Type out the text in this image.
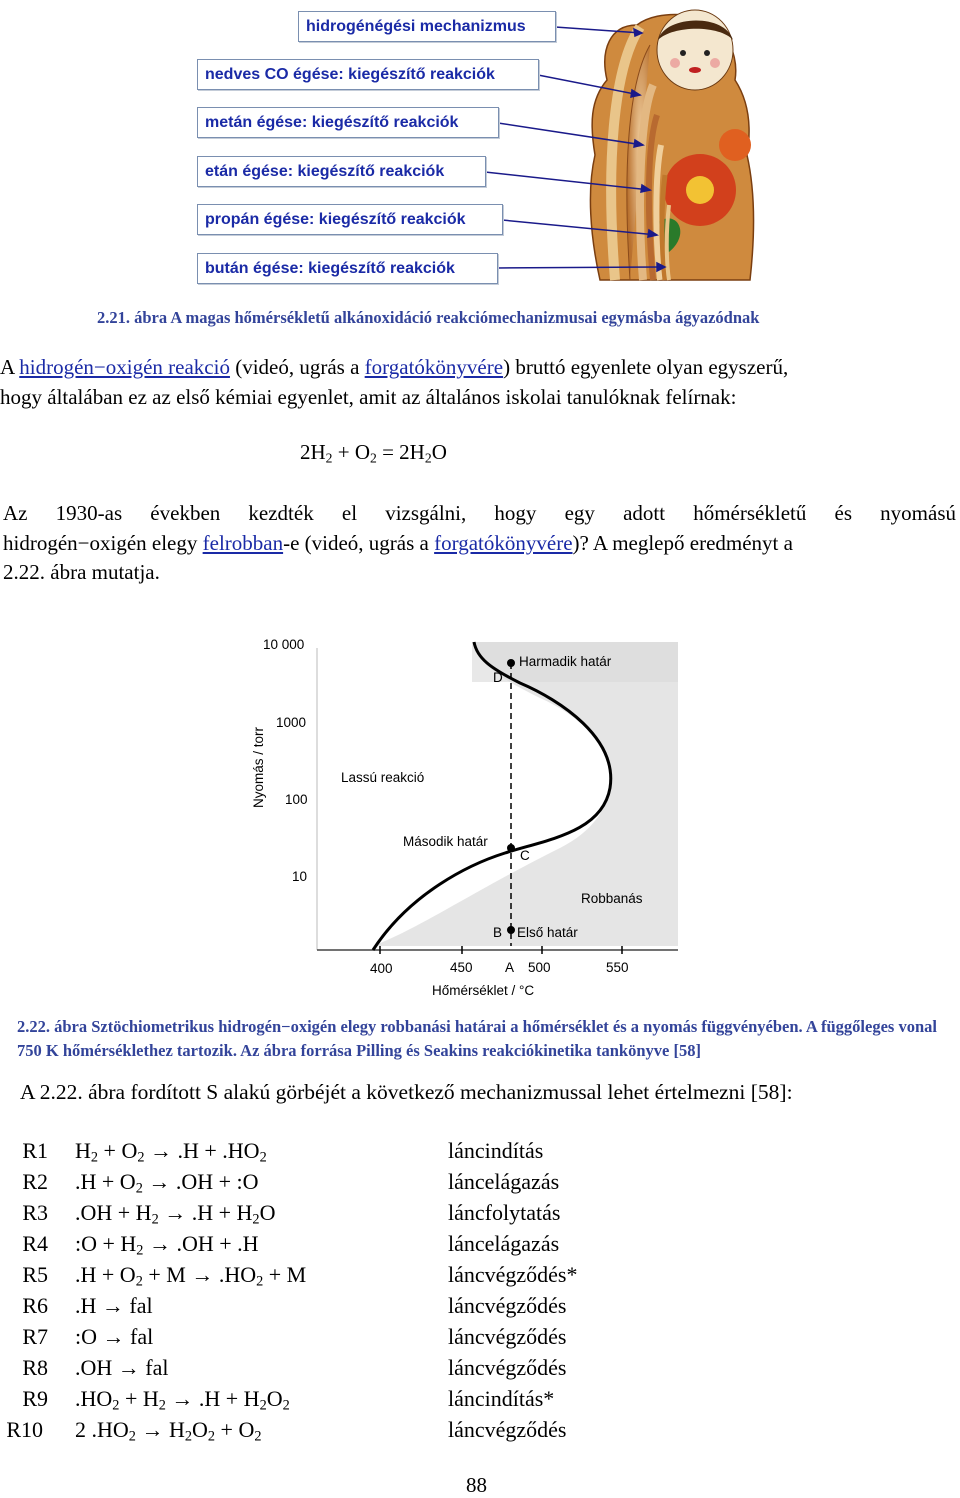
hidrogénégési mechanizmus
nedves CO égése: kiegészítő reakciók
metán égése: kiegészítő reakciók
etán égése: kiegészítő reakciók
propán égése: kiegészítő reakciók
bután égése: kiegészítő reakciók
2.21. ábra A magas hőmérsékletű alkánoxidáció reakciómechanizmusai egymásba ágyazódnak
A hidrogén−oxigén reakció (videó, ugrás a forgatókönyvére) bruttó egyenlete olyan egyszerű,
hogy általában ez az első kémiai egyenlet, amit az általános iskolai tanulóknak felírnak:
$2H_2 + O_2 = 2H_2O$
Az 1930-as években kezdték el vizsgálni, hogy egy adott hőmérsékletű és nyomású
hidrogén−oxigén elegy felrobban-e (videó, ugrás a forgatókönyvére)? A meglepő eredményt a
2.22. ábra mutatja.
10 000
1000
100
10
400	450 A 500	550
Hőmérséklet / °C
Nyomás / torr
Harmadik határ
D
Lassú reakció
Második határ
C
Robbanás
B Első határ
2.22. ábra Sztöchiometrikus hidrogén−oxigén elegy robbanási határai a hőmérséklet és a nyomás függvényében. A függőleges vonal 750 K hőmérséklethez tartozik. Az ábra forrása Pilling és Seakins reakciókinetika tankönyve [58]
A 2.22. ábra fordított S alakú görbéjét a következő mechanizmussal lehet értelmezni [58]:
R1 $H_2 + O_2 \to .H + .HO_2$	láncindítás
R2 $.H + O_2 \to .OH$ + :O	láncelágazás
R3 $.OH + H_2 \to .H + H_2O$	láncfolytatás
R4 :O + $H_2 \to .OH + .H$	láncelágazás
R5 $.H + O_2 + M \to .HO_2 + M$	láncvégződés*
R6 .H → fal	láncvégződés
R7 :O → fal	láncvégződés
R8 .OH → fal	láncvégződés
R9 $.HO_2 + H_2 \to .H + H_2O_2$	láncindítás*
R10 2 $.HO_2 \to H_2O_2 + O_2$	láncvégződés
88
